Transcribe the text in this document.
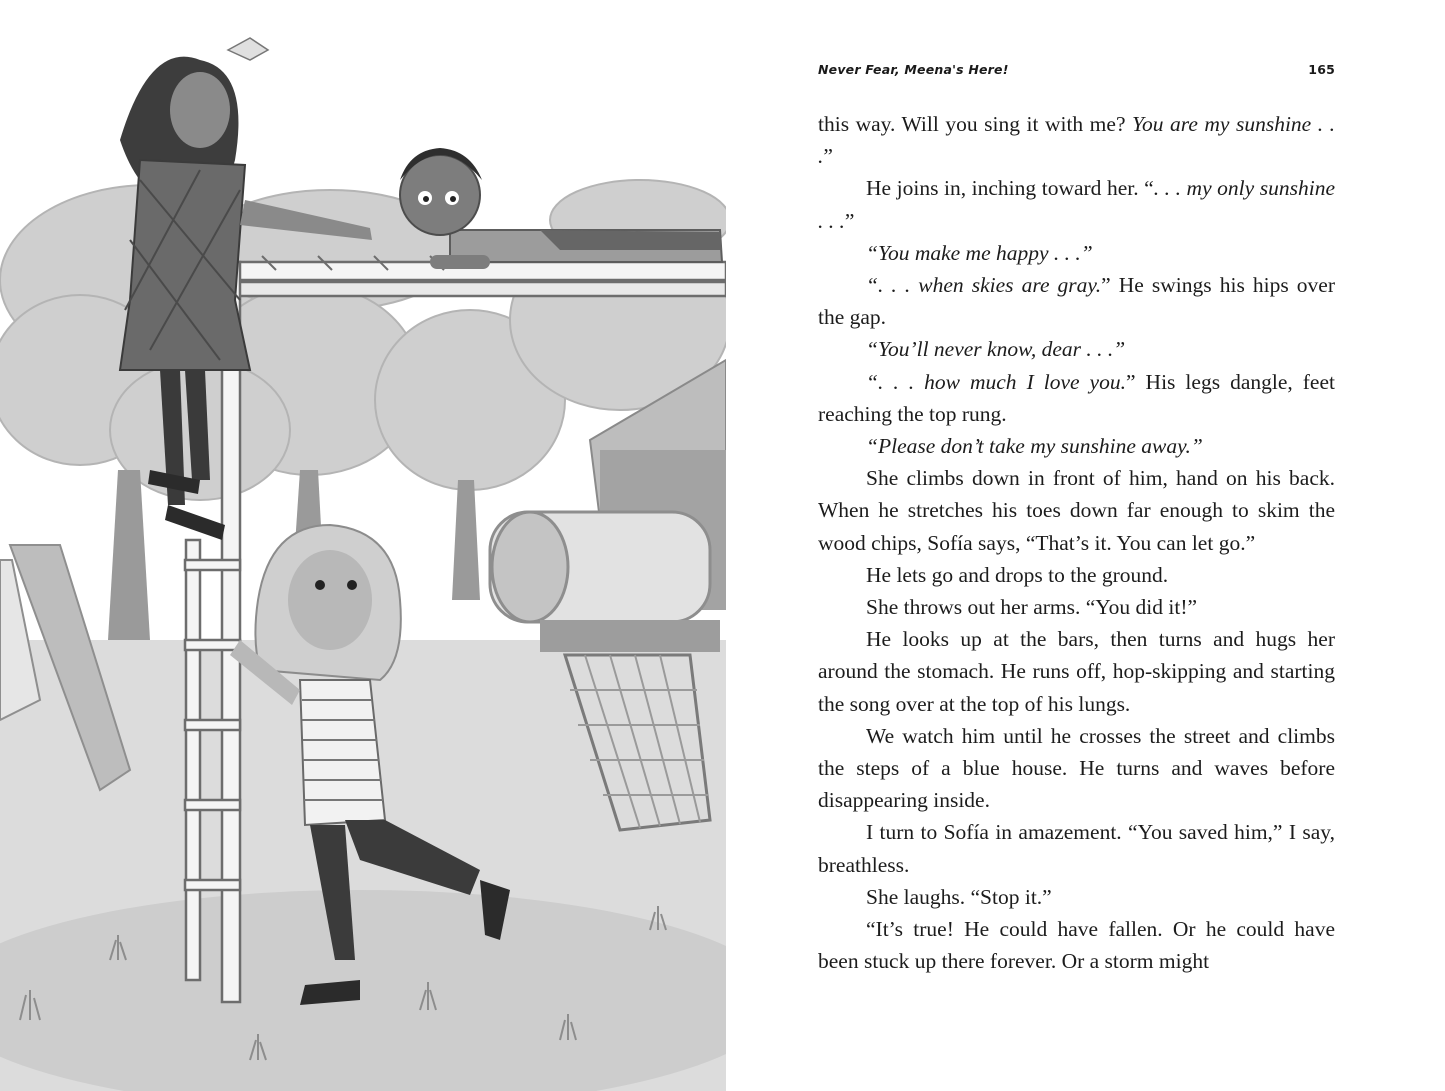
Never Fear, Meena's Here!	165

this way. Will you sing it with me? You are my sunshine . . .”

He joins in, inching toward her. “. . . my only sunshine . . .”

“You make me happy . . .”

“. . . when skies are gray.” He swings his hips over the gap.

“You’ll never know, dear . . .”

“. . . how much I love you.” His legs dangle, feet reaching the top rung.

“Please don’t take my sunshine away.”

She climbs down in front of him, hand on his back. When he stretches his toes down far enough to skim the wood chips, Sofía says, “That’s it. You can let go.”

He lets go and drops to the ground.

She throws out her arms. “You did it!”

He looks up at the bars, then turns and hugs her around the stomach. He runs off, hop-skipping and starting the song over at the top of his lungs.

We watch him until he crosses the street and climbs the steps of a blue house. He turns and waves before disappearing inside.

I turn to Sofía in amazement. “You saved him,” I say, breathless.

She laughs. “Stop it.”

“It’s true! He could have fallen. Or he could have been stuck up there forever. Or a storm might
